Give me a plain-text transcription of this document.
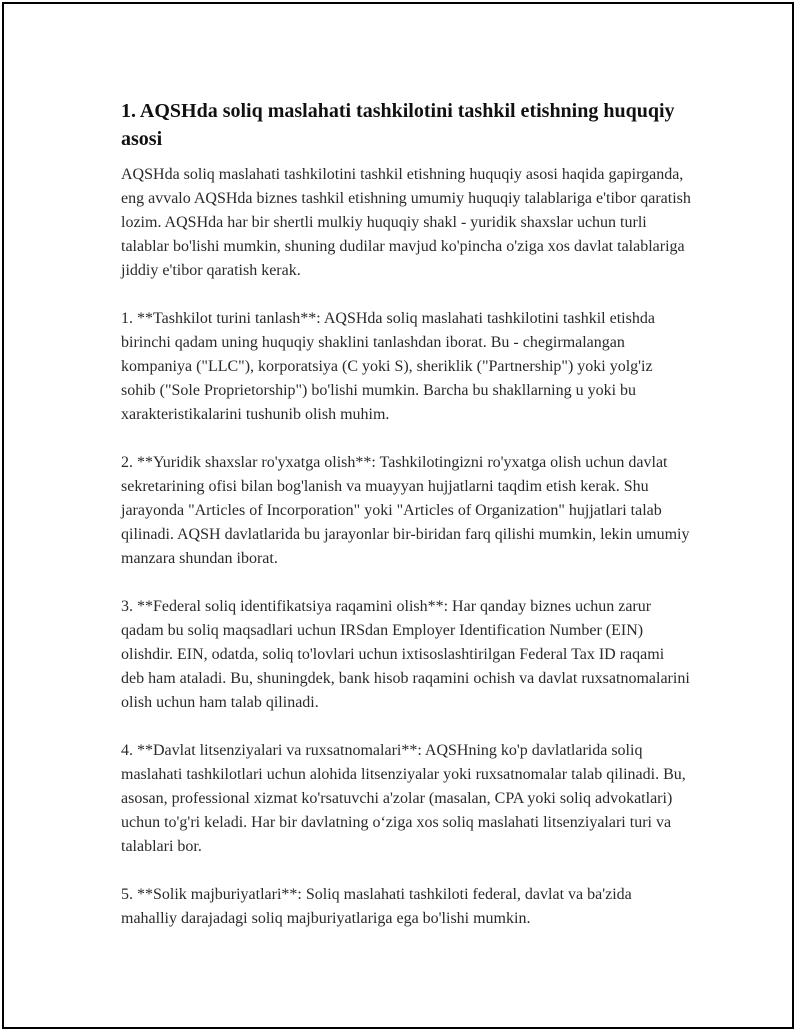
1. AQSHda soliq maslahati tashkilotini tashkil etishning huquqiy asosi

AQSHda soliq maslahati tashkilotini tashkil etishning huquqiy asosi haqida gapirganda, eng avvalo AQSHda biznes tashkil etishning umumiy huquqiy talablariga e'tibor qaratish lozim. AQSHda har bir shertli mulkiy huquqiy shakl - yuridik shaxslar uchun turli talablar bo'lishi mumkin, shuning dudilar mavjud ko'pincha o'ziga xos davlat talablariga jiddiy e'tibor qaratish kerak.

1. **Tashkilot turini tanlash**: AQSHda soliq maslahati tashkilotini tashkil etishda birinchi qadam uning huquqiy shaklini tanlashdan iborat. Bu - chegirmalangan kompaniya ("LLC"), korporatsiya (C yoki S), sheriklik ("Partnership") yoki yolg'iz sohib ("Sole Proprietorship") bo'lishi mumkin. Barcha bu shakllarning u yoki bu xarakteristikalarini tushunib olish muhim.

2. **Yuridik shaxslar ro'yxatga olish**: Tashkilotingizni ro'yxatga olish uchun davlat sekretarining ofisi bilan bog'lanish va muayyan hujjatlarni taqdim etish kerak. Shu jarayonda "Articles of Incorporation" yoki "Articles of Organization" hujjatlari talab qilinadi. AQSH davlatlarida bu jarayonlar bir-biridan farq qilishi mumkin, lekin umumiy manzara shundan iborat.

3. **Federal soliq identifikatsiya raqamini olish**: Har qanday biznes uchun zarur qadam bu soliq maqsadlari uchun IRSdan Employer Identification Number (EIN) olishdir. EIN, odatda, soliq to'lovlari uchun ixtisoslashtirilgan Federal Tax ID raqami deb ham ataladi. Bu, shuningdek, bank hisob raqamini ochish va davlat ruxsatnomalarini olish uchun ham talab qilinadi.

4. **Davlat litsenziyalari va ruxsatnomalari**: AQSHning ko'p davlatlarida soliq maslahati tashkilotlari uchun alohida litsenziyalar yoki ruxsatnomalar talab qilinadi. Bu, asosan, professional xizmat ko'rsatuvchi a'zolar (masalan, CPA yoki soliq advokatlari) uchun to'g'ri keladi. Har bir davlatning o‘ziga xos soliq maslahati litsenziyalari turi va talablari bor.

5. **Solik majburiyatlari**: Soliq maslahati tashkiloti federal, davlat va ba'zida mahalliy darajadagi soliq majburiyatlariga ega bo'lishi mumkin.
